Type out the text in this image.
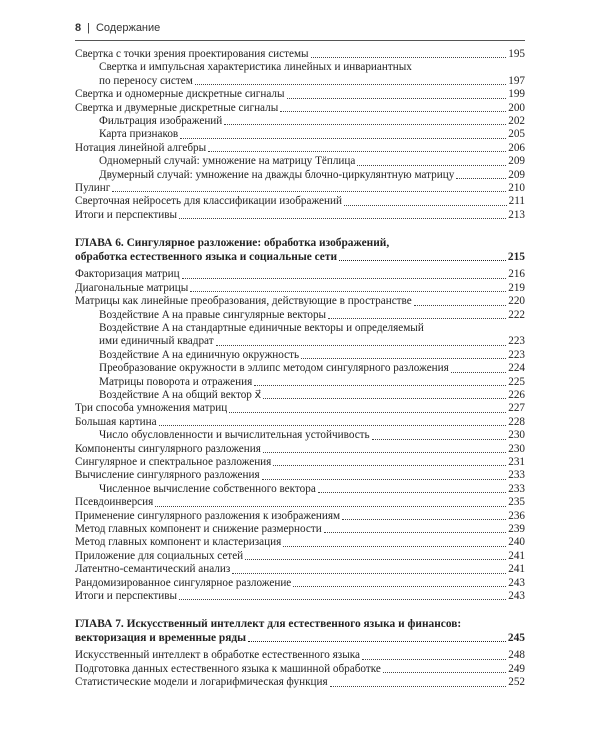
8 | Содержание
Свертка с точки зрения проектирования системы	195
Свертка и импульсная характеристика линейных и инвариантных
по переносу систем	197
Свертка и одномерные дискретные сигналы	199
Свертка и двумерные дискретные сигналы	200
Фильтрация изображений	202
Карта признаков	205
Нотация линейной алгебры	206
Одномерный случай: умножение на матрицу Тёплица	209
Двумерный случай: умножение на дважды блочно-циркулянтную матрицу	209
Пулинг	210
Сверточная нейросеть для классификации изображений	211
Итоги и перспективы	213
ГЛАВА 6. Сингулярное разложение: обработка изображений,
обработка естественного языка и социальные сети	215
Факторизация матриц	216
Диагональные матрицы	219
Матрицы как линейные преобразования, действующие в пространстве	220
Воздействие A на правые сингулярные векторы	222
Воздействие A на стандартные единичные векторы и определяемый
ими единичный квадрат	223
Воздействие A на единичную окружность	223
Преобразование окружности в эллипс методом сингулярного разложения	224
Матрицы поворота и отражения	225
Воздействие A на общий вектор x⃗	226
Три способа умножения матриц	227
Большая картина	228
Число обусловленности и вычислительная устойчивость	230
Компоненты сингулярного разложения	230
Сингулярное и спектральное разложения	231
Вычисление сингулярного разложения	233
Численное вычисление собственного вектора	233
Псевдоинверсия	235
Применение сингулярного разложения к изображениям	236
Метод главных компонент и снижение размерности	239
Метод главных компонент и кластеризация	240
Приложение для социальных сетей	241
Латентно-семантический анализ	241
Рандомизированное сингулярное разложение	243
Итоги и перспективы	243
ГЛАВА 7. Искусственный интеллект для естественного языка и финансов:
векторизация и временные ряды	245
Искусственный интеллект в обработке естественного языка	248
Подготовка данных естественного языка к машинной обработке	249
Статистические модели и логарифмическая функция	252
